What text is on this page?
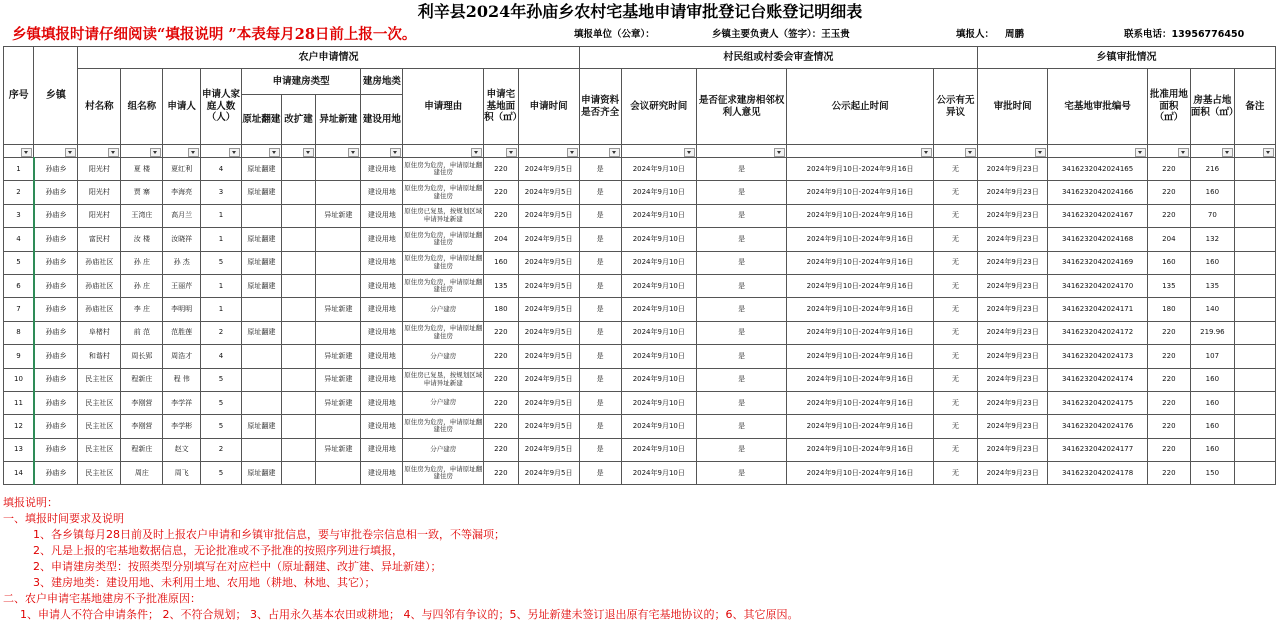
利辛县2024年孙庙乡农村宅基地申请审批登记台账登记明细表
乡镇填报时请仔细阅读“填报说明 ”本表每月28日前上报一次。	填报单位（公章）：	乡镇主要负责人（签字）：王玉贵	填报人： 周鹏	联系电话：13956776450
序号	乡镇	农户申请情况											村民组或村委会审查情况					乡镇审批情况				
		村名称	组名称	申请人	申请人家庭人数（人）	申请建房类型			建房地类	申请理由	申请宅基地面积（㎡）	申请时间	申请资料是否齐全	会议研究时间	是否征求建房相邻权利人意见	公示起止时间	公示有无异议	审批时间	宅基地审批编号	批准用地面积（㎡）	房基占地面积（㎡）	备注
						原址翻建	改扩建	异址新建	建设用地													

1	孙庙乡	阳光村	夏 楼	夏红利	4	原址翻建			建设用地	原住房为危房，申请原址翻建住房	220	2024年9月5日	是	2024年9月10日	是	2024年9月10日-2024年9月16日	无	2024年9月23日	341623204202416​5	220	216	
2	孙庙乡	阳光村	贾 寨	李海亮	3	原址翻建			建设用地	原住房为危房，申请原址翻建住房	220	2024年9月5日	是	2024年9月10日	是	2024年9月10日-2024年9月16日	无	2024年9月23日	3416232042024166	220	160	
3	孙庙乡	阳光村	王湾庄	高月兰	1			异址新建	建设用地	原住房已复垦，按规划区域申请异址新建	220	2024年9月5日	是	2024年9月10日	是	2024年9月10日-2024年9月16日	无	2024年9月23日	3416232042024167	220	70	
4	孙庙乡	富民村	汝 楼	汝晓祥	1	原址翻建			建设用地	原住房为危房，申请原址翻建住房	204	2024年9月5日	是	2024年9月10日	是	2024年9月10日-2024年9月16日	无	2024年9月23日	3416232042024168	204	132	
5	孙庙乡	孙庙社区	孙 庄	孙 杰	5	原址翻建			建设用地	原住房为危房，申请原址翻建住房	160	2024年9月5日	是	2024年9月10日	是	2024年9月10日-2024年9月16日	无	2024年9月23日	3416232042024169	160	160	
6	孙庙乡	孙庙社区	孙 庄	王丽芹	1	原址翻建			建设用地	原住房为危房，申请原址翻建住房	135	2024年9月5日	是	2024年9月10日	是	2024年9月10日-2024年9月16日	无	2024年9月23日	3416232042024170	135	135	
7	孙庙乡	孙庙社区	李 庄	李明明	1			异址新建	建设用地	分户建房	180	2024年9月5日	是	2024年9月10日	是	2024年9月10日-2024年9月16日	无	2024年9月23日	3416232042024171	180	140	
8	孙庙乡	阜楮村	前 范	范胜莲	2	原址翻建			建设用地	原住房为危房，申请原址翻建住房	220	2024年9月5日	是	2024年9月10日	是	2024年9月10日-2024年9月16日	无	2024年9月23日	3416232042024172	220	219.96	
9	孙庙乡	和谐村	周长郢	周浩才	4			异址新建	建设用地	分户建房	220	2024年9月5日	是	2024年9月10日	是	2024年9月10日-2024年9月16日	无	2024年9月23日	3416232042024173	220	107	
10	孙庙乡	民主社区	程新庄	程 伟	5			异址新建	建设用地	原住房已复垦，按规划区域申请异址新建	220	2024年9月5日	是	2024年9月10日	是	2024年9月10日-2024年9月16日	无	2024年9月23日	3416232042024174	220	160	
11	孙庙乡	民主社区	李刚营	李学祥	5			异址新建	建设用地	分户建房	220	2024年9月5日	是	2024年9月10日	是	2024年9月10日-2024年9月16日	无	2024年9月23日	3416232042024175	220	160	
12	孙庙乡	民主社区	李刚营	李学彬	5	原址翻建			建设用地	原住房为危房，申请原址翻建住房	220	2024年9月5日	是	2024年9月10日	是	2024年9月10日-2024年9月16日	无	2024年9月23日	3416232042024176	220	160	
13	孙庙乡	民主社区	程新庄	赵文	2			异址新建	建设用地	分户建房	220	2024年9月5日	是	2024年9月10日	是	2024年9月10日-2024年9月16日	无	2024年9月23日	3416232042024177	220	160	
14	孙庙乡	民主社区	周庄	周飞	5	原址翻建			建设用地	原住房为危房，申请原址翻建住房	220	2024年9月5日	是	2024年9月10日	是	2024年9月10日-2024年9月16日	无	2024年9月23日	3416232042024178	220	150	
填报说明：
一、填报时间要求及说明
1、各乡镇每月28日前及时上报农户申请和乡镇审批信息，要与审批卷宗信息相一致，不等漏项；
2、凡是上报的宅基地数据信息，无论批准或不予批准的按照序列进行填报，
2、申请建房类型：按照类型分别填写在对应栏中（原址翻建、改扩建、异址新建）；
3、建房地类：建设用地、未利用土地、农用地（耕地、林地、其它）；
二、农户申请宅基地建房不予批准原因：
1、申请人不符合申请条件； 2、不符合规划； 3、占用永久基本农田或耕地； 4、与四邻有争议的；5、另址新建未签订退出原有宅基地协议的；6、其它原因。
